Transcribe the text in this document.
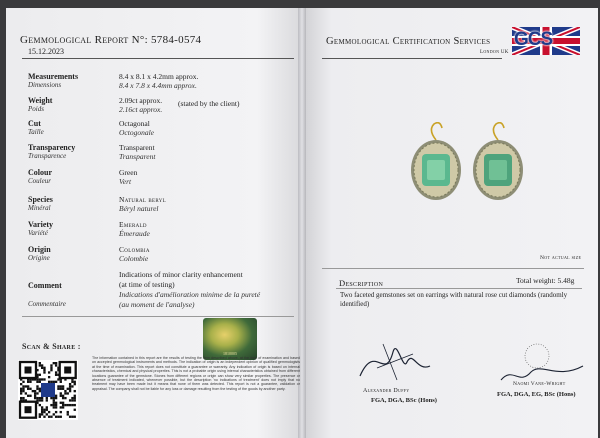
Gemmological Report N°: 5784-0574
15.12.2023
Measurements
Dimensions
8.4 x 8.1 x 4.2mm approx.
8.4 x 7.8 x 4.4mm approx.
Weight
Poids
2.09ct approx.
2.16ct approx.
(stated by the client)
Cut
Taille
Octagonal
Octogonale
Transparency
Transparence
Transparent
Transparent
Colour
Couleur
Green
Vert
Species
Minéral
Natural beryl
Béryl naturel
Variety
Variété
Emerald
Émeraude
Origin
Origine
Colombia
Colombie
Comment
Commentaire
Indications of minor clarity enhancement
(at time of testing)
Indications d'amélioration minime de la pureté
(au moment de l'analyse)
1810005
Scan & Share :
The information contained in this report are the results of testing the item described above, at the time of examination and based on accepted gemmological instruments and methods. The indication of origin is an independent opinion of qualified gemmologists at the time of examination. This report does not constitute a guarantee or warranty. Any indication of origin is based on internal characteristics, chemical and physical properties. This is not a probable origin using internal characteristics obtained from different locations guarantee of the gemstone. Stones from different regions or origin can show very similar properties. The presence or absence of treatment indicated, whenever possible, but the description 'no indications of treatment' does not imply that no treatment may have been made but it means that none of them was detected. This report is not a guarantee, validation or appraisal. The company shall not be liable for any loss or damage resulting from the testing of the goods by another party.
Gemmological Certification Services
London UK
GCS
Not actual size
Description	Total weight: 5.48g
Two faceted gemstones set on earrings with natural rose cut diamonds (randomly identified)
Alexander Duffy
FGA, DGA, BSc (Hons)
Naomi Vane-Wright
FGA, DGA, EG, BSc (Hons)
